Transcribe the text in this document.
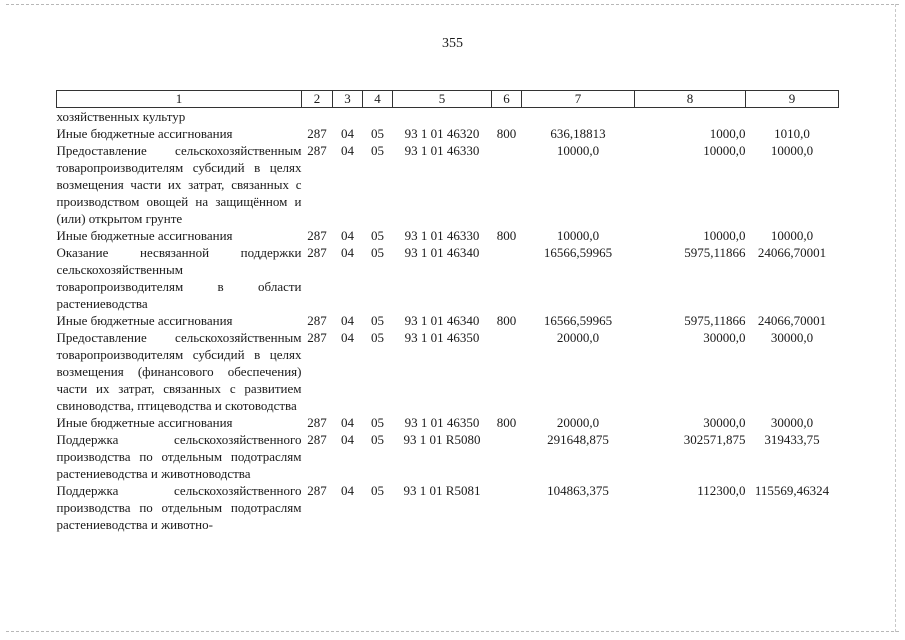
355
1	2	3	4	5	6	7	8	9
хозяйственных культур								
Иные бюджетные ассигнования	287	04	05	93 1 01 46320	800	636,18813	1000,0	1010,0
Предоставление сельскохозяйственным товаропроизводителям субсидий в целях возмещения части их затрат, связанных с производством овощей на защищённом и (или) открытом грунте	287	04	05	93 1 01 46330		10000,0	10000,0	10000,0
Иные бюджетные ассигнования	287	04	05	93 1 01 46330	800	10000,0	10000,0	10000,0
Оказание несвязанной поддержки сельскохозяйственным товаропроизводителям в области растениеводства	287	04	05	93 1 01 46340		16566,59965	5975,11866	24066,70001
Иные бюджетные ассигнования	287	04	05	93 1 01 46340	800	16566,59965	5975,11866	24066,70001
Предоставление сельскохозяйственным товаропроизводителям субсидий в целях возмещения (финансового обеспечения) части их затрат, связанных с развитием свиноводства, птицеводства и скотоводства	287	04	05	93 1 01 46350		20000,0	30000,0	30000,0
Иные бюджетные ассигнования	287	04	05	93 1 01 46350	800	20000,0	30000,0	30000,0
Поддержка сельскохозяйственного производства по отдельным подотраслям растениеводства и животноводства	287	04	05	93 1 01 R5080		291648,875	302571,875	319433,75
Поддержка сельскохозяйственного производства по отдельным подотраслям растениеводства и животно-	287	04	05	93 1 01 R5081		104863,375	112300,0	115569,46324
